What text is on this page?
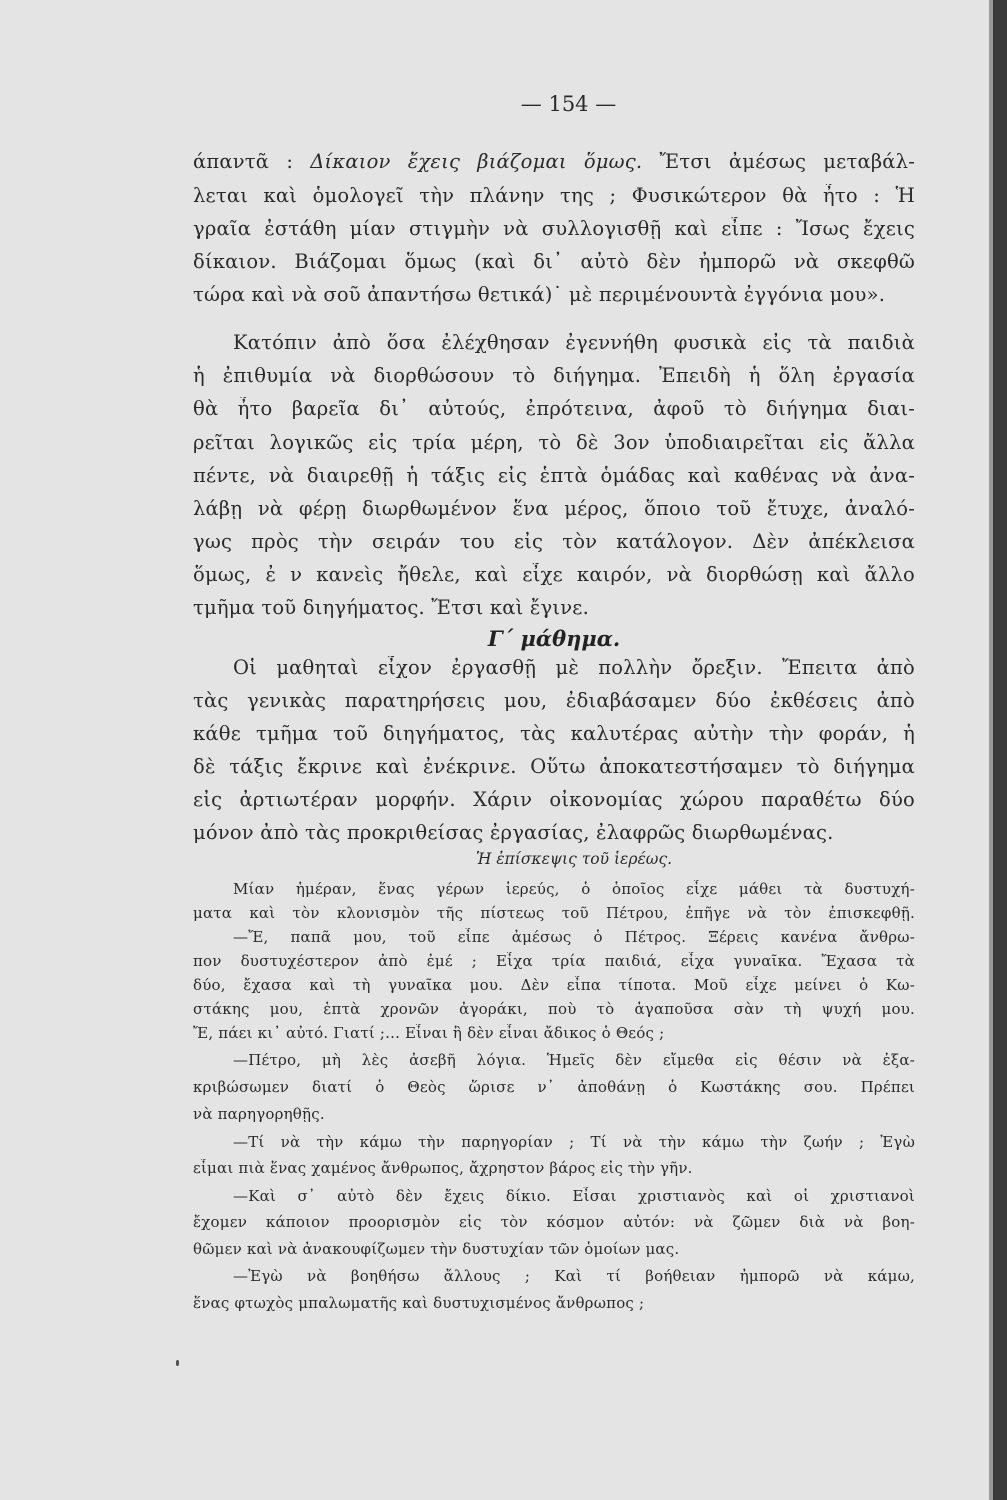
— 154 —
άπαντᾶ : Δίκαιον ἔχεις βιάζομαι ὅμως. Ἔτσι ἀμέσως μεταβάλ-
λεται καὶ ὁμολογεῖ τὴν πλάνην της ; Φυσικώτερον θὰ ἦτο : Ἡ
γραῖα ἐστάθη μίαν στιγμὴν νὰ συλλογισθῇ καὶ εἶπε : Ἴσως ἔχεις
δίκαιον. Βιάζομαι ὅμως (καὶ δι᾿ αὐτὸ δὲν ἠμπορῶ νὰ σκεφθῶ
τώρα καὶ νὰ σοῦ ἀπαντήσω θετικά)˙ μὲ περιμένουντὰ ἐγγόνια μου».
Κατόπιν ἀπὸ ὅσα ἐλέχθησαν ἐγεννήθη φυσικὰ εἰς τὰ παιδιὰ
ἡ ἐπιθυμία νὰ διορθώσουν τὸ διήγημα. Ἐπειδὴ ἡ ὅλη ἐργασία
θὰ ἦτο βαρεῖα δι᾿ αὐτούς, ἐπρότεινα, ἀφοῦ τὸ διήγημα διαι-
ρεῖται λογικῶς εἰς τρία μέρη, τὸ δὲ 3ον ὑποδιαιρεῖται εἰς ἄλλα
πέντε, νὰ διαιρεθῇ ἡ τάξις εἰς ἑπτὰ ὁμάδας καὶ καθένας νὰ ἀνα-
λάβῃ νὰ φέρῃ διωρθωμένον ἕνα μέρος, ὅποιο τοῦ ἔτυχε, ἀναλό-
γως πρὸς τὴν σειράν του εἰς τὸν κατάλογον. Δὲν ἀπέκλεισα
ὅμως, ἐ ν κανεὶς ἤθελε, καὶ εἶχε καιρόν, νὰ διορθώσῃ καὶ ἄλλο
τμῆμα τοῦ διηγήματος. Ἔτσι καὶ ἔγινε.
Γ΄ μάθημα.
Οἱ μαθηταὶ εἶχον ἐργασθῇ μὲ πολλὴν ὄρεξιν. Ἔπειτα ἀπὸ
τὰς γενικὰς παρατηρήσεις μου, ἐδιαβάσαμεν δύο ἐκθέσεις ἀπὸ
κάθε τμῆμα τοῦ διηγήματος, τὰς καλυτέρας αὐτὴν τὴν φοράν, ἡ
δὲ τάξις ἔκρινε καὶ ἐνέκρινε. Οὕτω ἀποκατεστήσαμεν τὸ διήγημα
εἰς ἀρτιωτέραν μορφήν. Χάριν οἰκονομίας χώρου παραθέτω δύο
μόνον ἀπὸ τὰς προκριθείσας ἐργασίας, ἐλαφρῶς διωρθωμένας.
Ἡ ἐπίσκεψις τοῦ ἱερέως.
Μίαν ἡμέραν, ἕνας γέρων ἱερεύς, ὁ ὁποῖος εἶχε μάθει τὰ δυστυχή-
ματα καὶ τὸν κλονισμὸν τῆς πίστεως τοῦ Πέτρου, ἐπῆγε νὰ τὸν ἐπισκεφθῇ.
—Ἔ, παπᾶ μου, τοῦ εἶπε ἀμέσως ὁ Πέτρος. Ξέρεις κανένα ἄνθρω-
πον δυστυχέστερον ἀπὸ ἐμέ ; Εἶχα τρία παιδιά, εἶχα γυναῖκα. Ἔχασα τὰ
δύο, ἔχασα καὶ τὴ γυναῖκα μου. Δὲν εἶπα τίποτα. Μοῦ εἶχε μείνει ὁ Κω-
στάκης μου, ἑπτὰ χρονῶν ἀγοράκι, ποὺ τὸ ἀγαποῦσα σὰν τὴ ψυχή μου.
Ἔ, πάει κι᾿ αὐτό. Γιατί ;... Εἶναι ἢ δὲν εἶναι ἄδικος ὁ Θεός ;
—Πέτρο, μὴ λὲς ἀσεβῆ λόγια. Ἡμεῖς δὲν εἴμεθα εἰς θέσιν νὰ ἐξα-
κριβώσωμεν διατί ὁ Θεὸς ὥρισε ν᾿ ἀποθάνῃ ὁ Κωστάκης σου. Πρέπει
νὰ παρηγορηθῇς.
—Τί νὰ τὴν κάμω τὴν παρηγορίαν ; Τί νὰ τὴν κάμω τὴν ζωήν ; Ἐγὼ
εἶμαι πιὰ ἕνας χαμένος ἄνθρωπος, ἄχρηστον βάρος εἰς τὴν γῆν.
—Καὶ σ᾿ αὐτὸ δὲν ἔχεις δίκιο. Εἶσαι χριστιανὸς καὶ οἱ χριστιανοὶ
ἔχομεν κάποιον προορισμὸν εἰς τὸν κόσμον αὐτόν: νὰ ζῶμεν διὰ νὰ βοη-
θῶμεν καὶ νὰ ἀνακουφίζωμεν τὴν δυστυχίαν τῶν ὁμοίων μας.
—Ἐγὼ νὰ βοηθήσω ἄλλους ; Καὶ τί βοήθειαν ἠμπορῶ νὰ κάμω,
ἕνας φτωχὸς μπαλωματῆς καὶ δυστυχισμένος ἄνθρωπος ;
